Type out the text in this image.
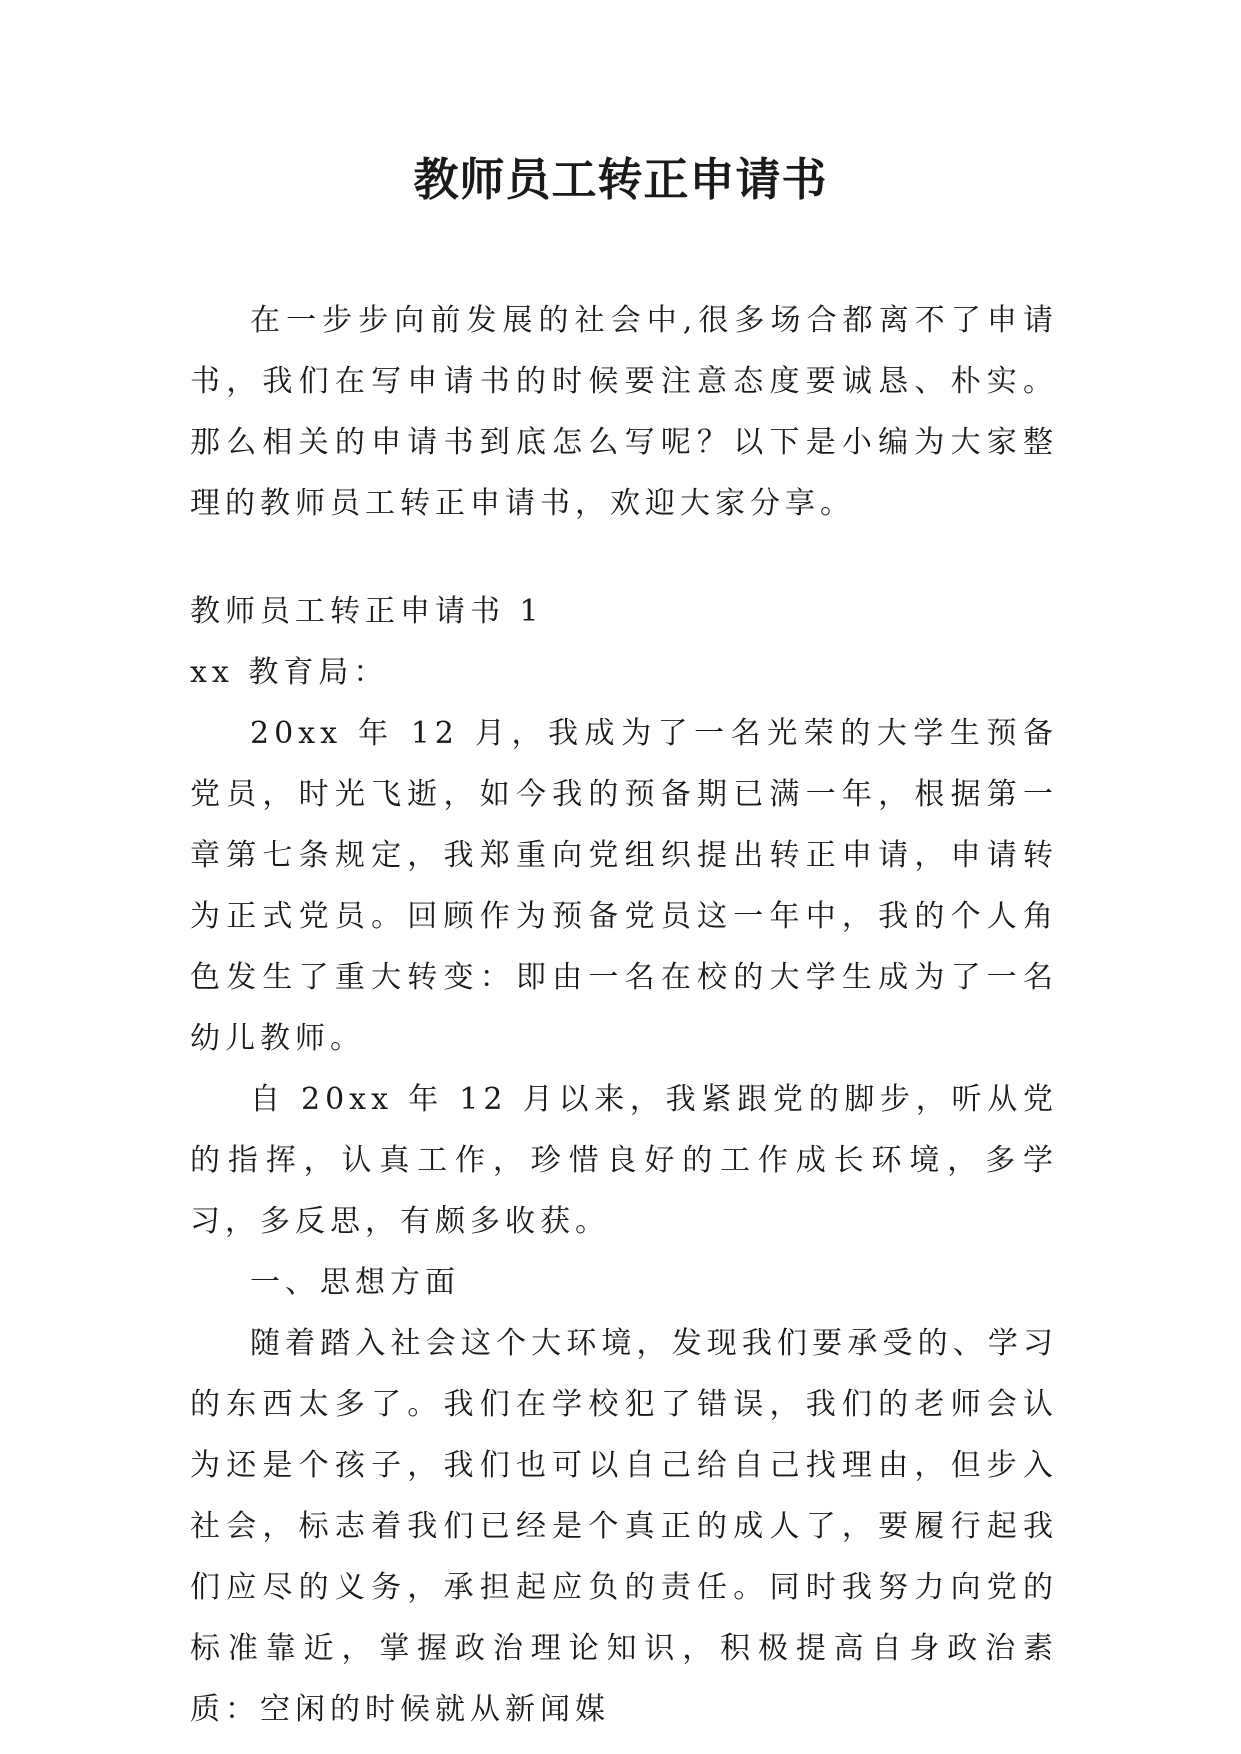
教师员工转正申请书

在一步步向前发展的社会中,很多场合都离不了申请书，我们在写申请书的时候要注意态度要诚恳、朴实。那么相关的申请书到底怎么写呢？以下是小编为大家整理的教师员工转正申请书，欢迎大家分享。

教师员工转正申请书 1

xx 教育局：

20xx 年 12 月，我成为了一名光荣的大学生预备党员，时光飞逝，如今我的预备期已满一年，根据第一章第七条规定，我郑重向党组织提出转正申请，申请转为正式党员。回顾作为预备党员这一年中，我的个人角色发生了重大转变：即由一名在校的大学生成为了一名幼儿教师。

自 20xx 年 12 月以来，我紧跟党的脚步，听从党的指挥，认真工作，珍惜良好的工作成长环境，多学习，多反思，有颇多收获。

一、思想方面

随着踏入社会这个大环境，发现我们要承受的、学习的东西太多了。我们在学校犯了错误，我们的老师会认为还是个孩子，我们也可以自己给自己找理由，但步入社会，标志着我们已经是个真正的成人了，要履行起我们应尽的义务，承担起应负的责任。同时我努力向党的标准靠近，掌握政治理论知识，积极提高自身政治素质：空闲的时候就从新闻媒
